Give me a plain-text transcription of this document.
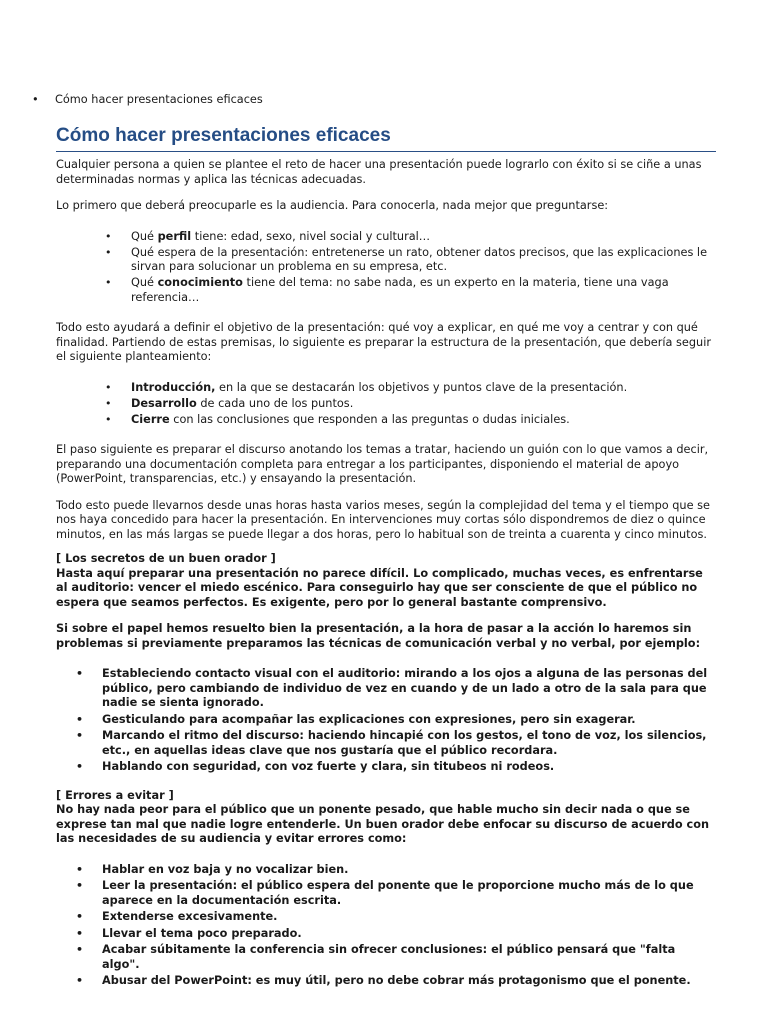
• Cómo hacer presentaciones eficaces
Cómo hacer presentaciones eficaces

Cualquier persona a quien se plantee el reto de hacer una presentación puede lograrlo con éxito si se ciñe a unas determinadas normas y aplica las técnicas adecuadas.

Lo primero que deberá preocuparle es la audiencia. Para conocerla, nada mejor que preguntarse:

• Qué perfil tiene: edad, sexo, nivel social y cultural…
• Qué espera de la presentación: entretenerse un rato, obtener datos precisos, que las explicaciones le sirvan para solucionar un problema en su empresa, etc.
• Qué conocimiento tiene del tema: no sabe nada, es un experto en la materia, tiene una vaga referencia…

Todo esto ayudará a definir el objetivo de la presentación: qué voy a explicar, en qué me voy a centrar y con qué finalidad. Partiendo de estas premisas, lo siguiente es preparar la estructura de la presentación, que debería seguir el siguiente planteamiento:

• Introducción, en la que se destacarán los objetivos y puntos clave de la presentación.
• Desarrollo de cada uno de los puntos.
• Cierre con las conclusiones que responden a las preguntas o dudas iniciales.

El paso siguiente es preparar el discurso anotando los temas a tratar, haciendo un guión con lo que vamos a decir, preparando una documentación completa para entregar a los participantes, disponiendo el material de apoyo (PowerPoint, transparencias, etc.) y ensayando la presentación.

Todo esto puede llevarnos desde unas horas hasta varios meses, según la complejidad del tema y el tiempo que se nos haya concedido para hacer la presentación. En intervenciones muy cortas sólo dispondremos de diez o quince minutos, en las más largas se puede llegar a dos horas, pero lo habitual son de treinta a cuarenta y cinco minutos.

[ Los secretos de un buen orador ]

Hasta aquí preparar una presentación no parece difícil. Lo complicado, muchas veces, es enfrentarse al auditorio: vencer el miedo escénico. Para conseguirlo hay que ser consciente de que el público no espera que seamos perfectos. Es exigente, pero por lo general bastante comprensivo.

Si sobre el papel hemos resuelto bien la presentación, a la hora de pasar a la acción lo haremos sin problemas si previamente preparamos las técnicas de comunicación verbal y no verbal, por ejemplo:

• Estableciendo contacto visual con el auditorio: mirando a los ojos a alguna de las personas del público, pero cambiando de individuo de vez en cuando y de un lado a otro de la sala para que nadie se sienta ignorado.
• Gesticulando para acompañar las explicaciones con expresiones, pero sin exagerar.
• Marcando el ritmo del discurso: haciendo hincapié con los gestos, el tono de voz, los silencios, etc., en aquellas ideas clave que nos gustaría que el público recordara.
• Hablando con seguridad, con voz fuerte y clara, sin titubeos ni rodeos.

[ Errores a evitar ]

No hay nada peor para el público que un ponente pesado, que hable mucho sin decir nada o que se exprese tan mal que nadie logre entenderle. Un buen orador debe enfocar su discurso de acuerdo con las necesidades de su audiencia y evitar errores como:

• Hablar en voz baja y no vocalizar bien.
• Leer la presentación: el público espera del ponente que le proporcione mucho más de lo que aparece en la documentación escrita.
• Extenderse excesivamente.
• Llevar el tema poco preparado.
• Acabar súbitamente la conferencia sin ofrecer conclusiones: el público pensará que "falta algo".
• Abusar del PowerPoint: es muy útil, pero no debe cobrar más protagonismo que el ponente.
